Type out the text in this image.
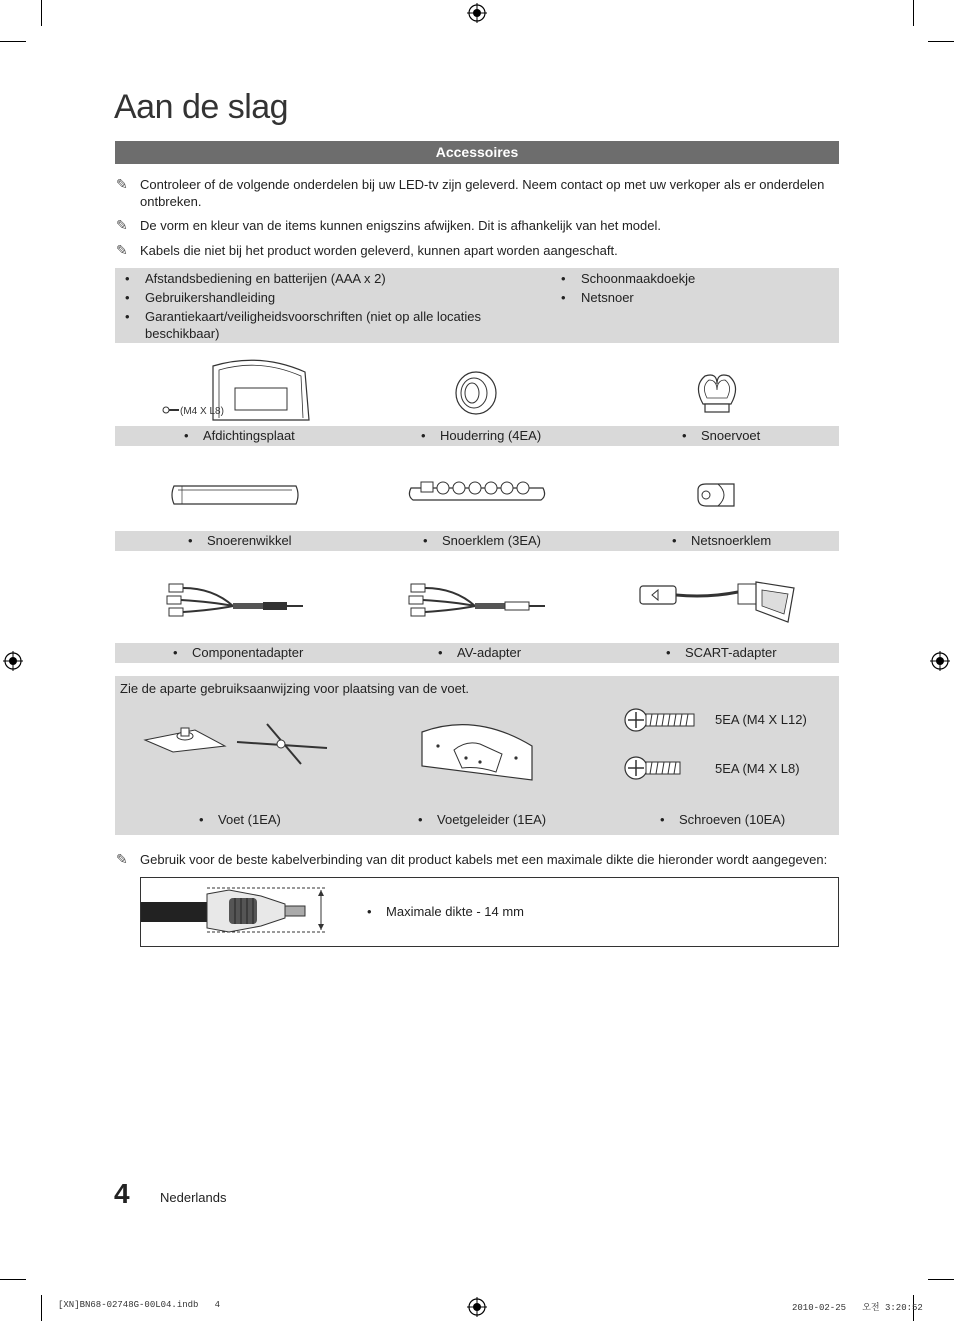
Aan de slag
Accessoires
✎ Controleer of de volgende onderdelen bij uw LED-tv zijn geleverd. Neem contact op met uw verkoper als er onderdelen ontbreken.
✎ De vorm en kleur van de items kunnen enigszins afwijken. Dit is afhankelijk van het model.
✎ Kabels die niet bij het product worden geleverd, kunnen apart worden aangeschaft.
• Afstandsbediening en batterijen (AAA x 2)
• Gebruikershandleiding
• Garantiekaart/veiligheidsvoorschriften (niet op alle locaties beschikbaar)
• Schoonmaakdoekje
• Netsnoer
(M4 X L8)
• Afdichtingsplaat	• Houderring (4EA)	• Snoervoet
• Snoerenwikkel	• Snoerklem (3EA)	• Netsnoerklem
• Componentadapter	• AV-adapter	• SCART-adapter
Zie de aparte gebruiksaanwijzing voor plaatsing van de voet.
5EA (M4 X L12)
5EA (M4 X L8)
• Voet (1EA)	• Voetgeleider (1EA)	• Schroeven (10EA)
✎ Gebruik voor de beste kabelverbinding van dit product kabels met een maximale dikte die hieronder wordt aangegeven:
• Maximale dikte - 14 mm
4 Nederlands
[XN]BN68-02748G-00L04.indb   4	2010-02-25   오전 3:20:52
